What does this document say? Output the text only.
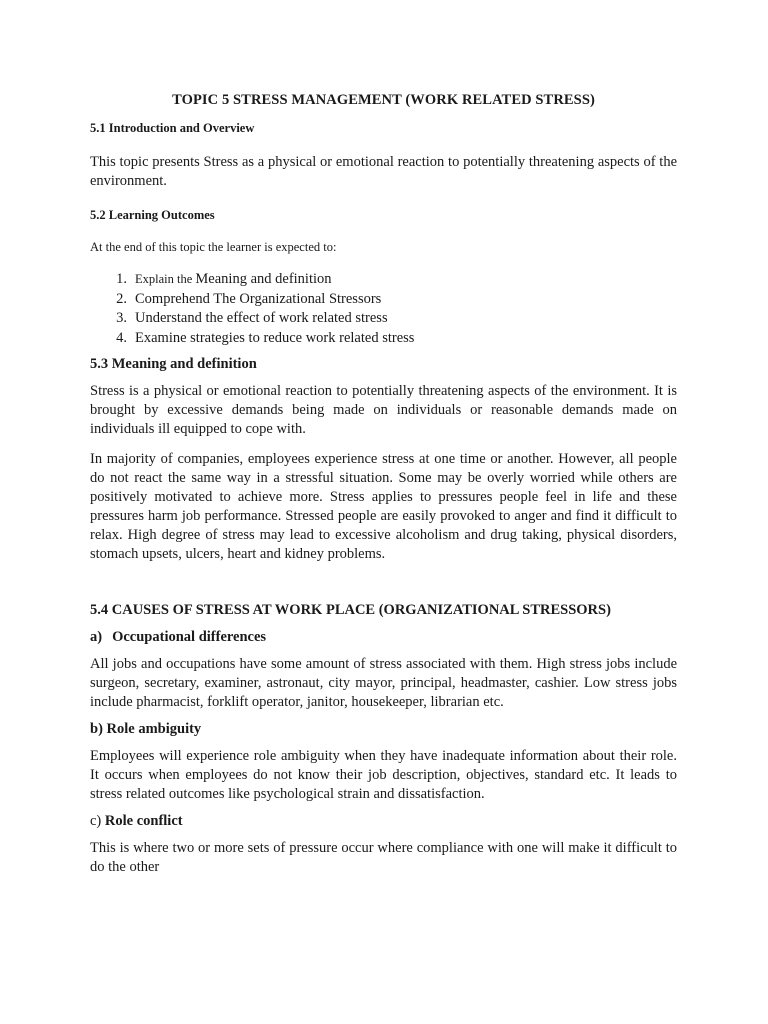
TOPIC 5 STRESS MANAGEMENT (WORK RELATED STRESS)
5.1 Introduction and Overview

This topic presents Stress as a physical or emotional reaction to potentially threatening aspects of the environment.

5.2 Learning Outcomes

At the end of this topic the learner is expected to:

1. Explain the Meaning and definition
2. Comprehend The Organizational Stressors
3. Understand the effect of work related stress
4. Examine strategies to reduce work related stress
5.3 Meaning and definition

Stress is a physical or emotional reaction to potentially threatening aspects of the environment. It is brought by excessive demands being made on individuals or reasonable demands made on individuals ill equipped to cope with.

In majority of companies, employees experience stress at one time or another. However, all people do not react the same way in a stressful situation. Some may be overly worried while others are positively motivated to achieve more. Stress applies to pressures people feel in life and these pressures harm job performance. Stressed people are easily provoked to anger and find it difficult to relax. High degree of stress may lead to excessive alcoholism and drug taking, physical disorders, stomach upsets, ulcers, heart and kidney problems.

5.4 CAUSES OF STRESS AT WORK PLACE (ORGANIZATIONAL STRESSORS)
a) Occupational differences

All jobs and occupations have some amount of stress associated with them. High stress jobs include surgeon, secretary, examiner, astronaut, city mayor, principal, headmaster, cashier. Low stress jobs include pharmacist, forklift operator, janitor, housekeeper, librarian etc.

b) Role ambiguity

Employees will experience role ambiguity when they have inadequate information about their role. It occurs when employees do not know their job description, objectives, standard etc. It leads to stress related outcomes like psychological strain and dissatisfaction.

c) Role conflict

This is where two or more sets of pressure occur where compliance with one will make it difficult to do the other
